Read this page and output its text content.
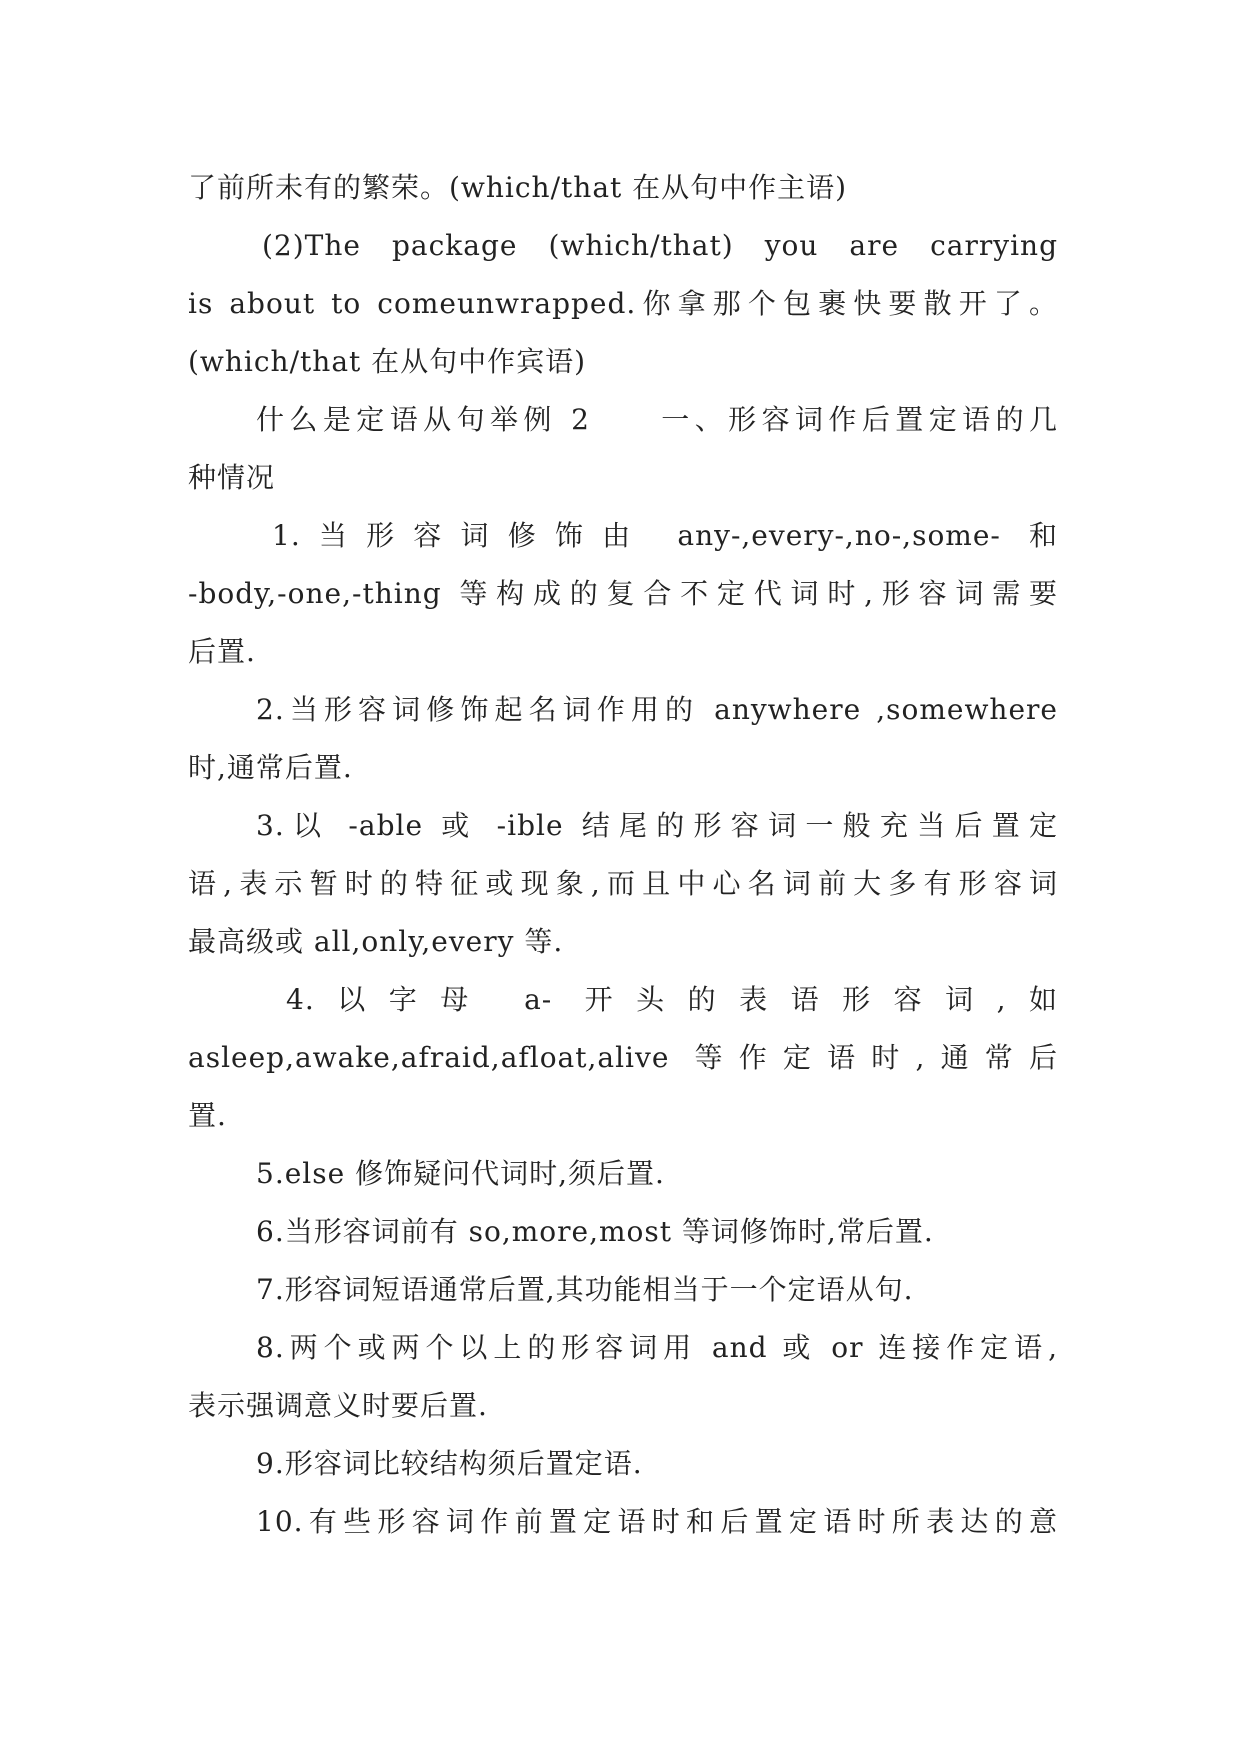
了前所未有的繁荣。(which/that 在从句中作主语)
(2)The package (which/that) you are carrying
is about to comeunwrapped.你拿那个包裹快要散开了。
(which/that 在从句中作宾语)
什么是定语从句举例 2　　一、形容词作后置定语的几
种情况
1.当形容词修饰由 any-,every-,no-,some- 和
-body,-one,-thing 等构成的复合不定代词时,形容词需要
后置.
2.当形容词修饰起名词作用的 anywhere ,somewhere
时,通常后置.
3.以 -able 或 -ible 结尾的形容词一般充当后置定
语,表示暂时的特征或现象,而且中心名词前大多有形容词
最高级或 all,only,every 等.
4.以字母 a- 开头的表语形容词,如
asleep,awake,afraid,afloat,alive 等作定语时,通常后
置.
5.else 修饰疑问代词时,须后置.
6.当形容词前有 so,more,most 等词修饰时,常后置.
7.形容词短语通常后置,其功能相当于一个定语从句.
8.两个或两个以上的形容词用 and 或 or 连接作定语,
表示强调意义时要后置.
9.形容词比较结构须后置定语.
10.有些形容词作前置定语时和后置定语时所表达的意
